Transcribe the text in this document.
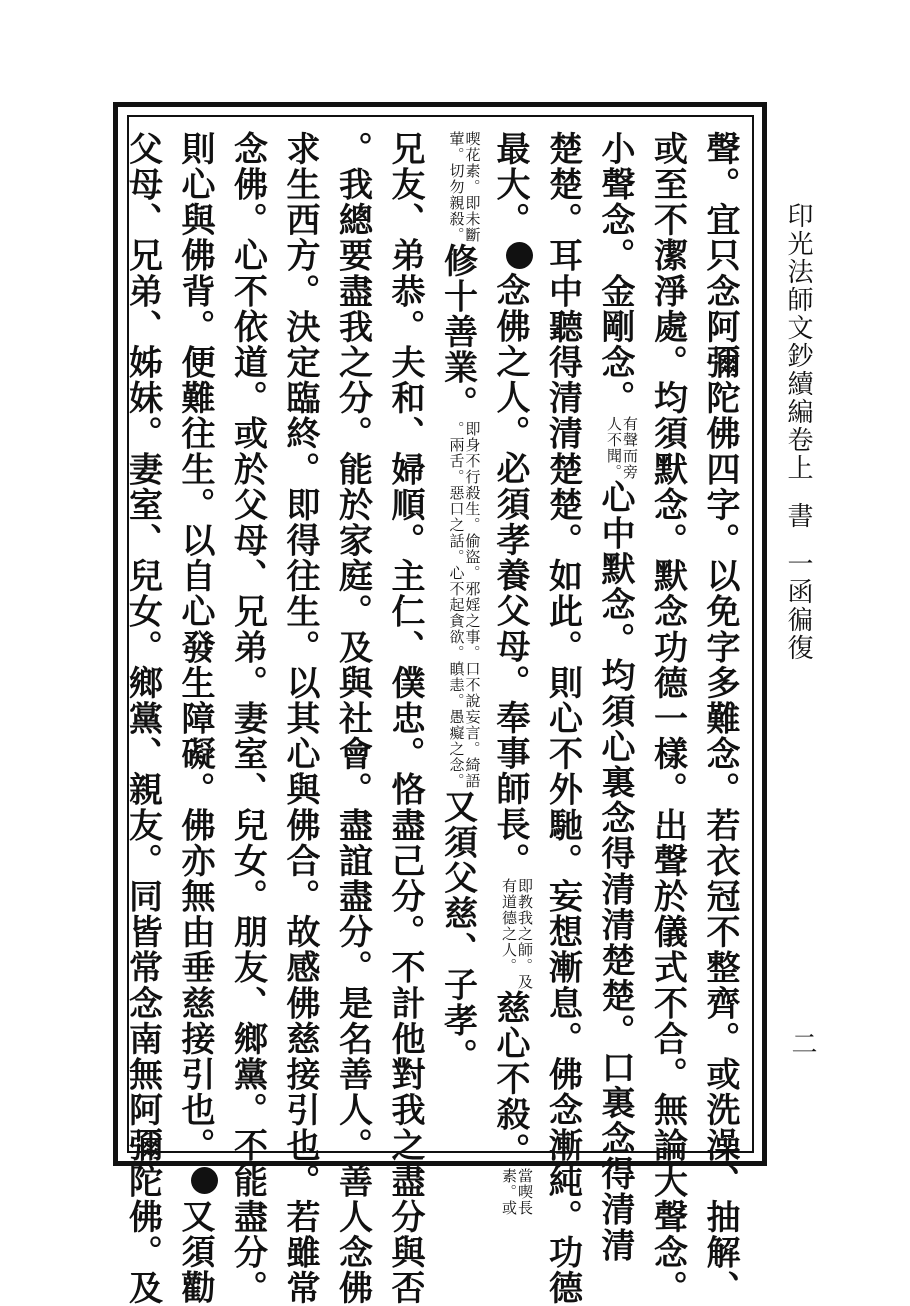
印光法師文鈔續編卷上書一函徧復
二
聲。宜只念阿彌陀佛四字。以免字多難念。若衣冠不整齊。或洗澡、抽解、
或至不潔淨處。均須默念。默念功德一樣。出聲於儀式不合。無論大聲念。
小聲念。金剛念。
有聲而旁
人不聞。
心中默念。均須心裏念得清清楚楚。口裏念得清清
楚楚。耳中聽得清清楚楚。如此。則心不外馳。妄想漸息。佛念漸純。功德
最大。念佛之人。必須孝養父母。奉事師長。
即教我之師。及
有道德之人。
慈心不殺。
當喫長
素。或
喫花素。即未斷
葷。切勿親殺。
修十善業。
即身不行殺生。偷盜。邪婬之事。口不說妄言。綺語
。兩舌。惡口之話。心不起貪欲。瞋恚。愚癡之念。
又須父慈、子孝。
兄友、弟恭。夫和、婦順。主仁、僕忠。恪盡己分。不計他對我之盡分與否
。我總要盡我之分。能於家庭。及與社會。盡誼盡分。是名善人。善人念佛
求生西方。決定臨終。即得往生。以其心與佛合。故感佛慈接引也。若雖常
念佛。心不依道。或於父母、兄弟。妻室、兒女。朋友、鄉黨。不能盡分。
則心與佛背。便難往生。以自心發生障礙。佛亦無由垂慈接引也。又須勸
父母、兄弟、姊妹。妻室、兒女。鄉黨、親友。同皆常念南無阿彌陀佛。及
